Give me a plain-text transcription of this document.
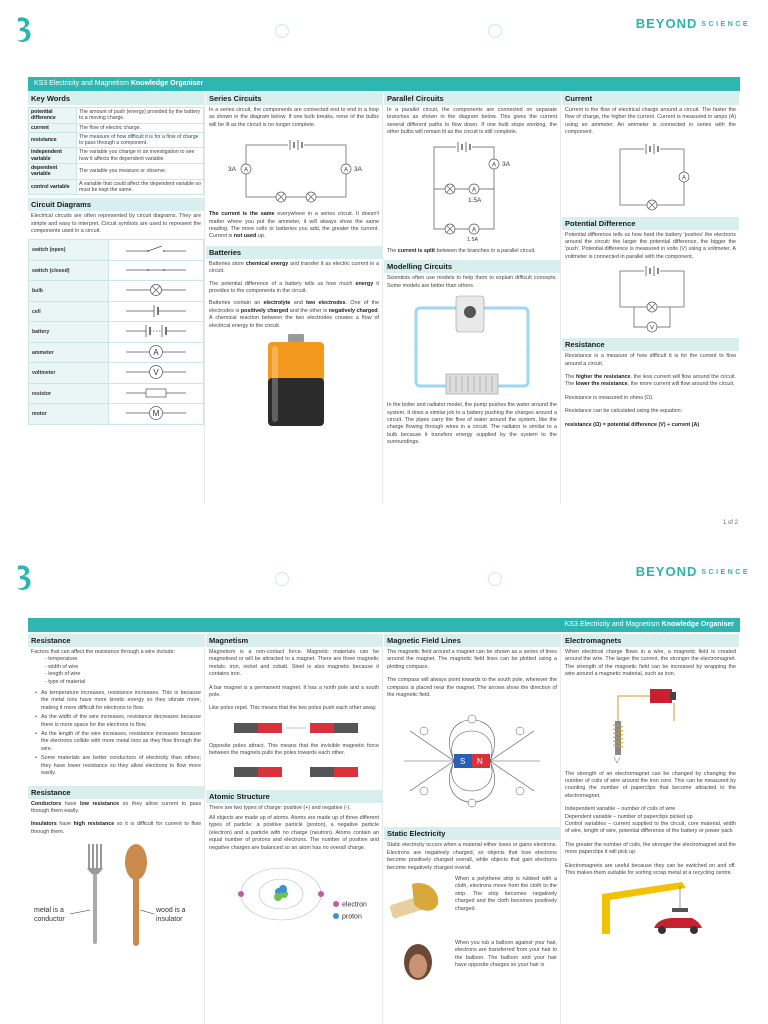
BEYOND SCIENCE
KS3 Electricity and Magnetism Knowledge Organiser
Key Words
potential difference	The amount of push (energy) provided by the battery to a moving charge.
current	The flow of electric charge.
resistance	The measure of how difficult it is for a flow of charge to pass through a component.
independent variable	The variable you change in an investigation to see how it affects the dependent variable.
dependent variable	The variable you measure or observe.
control variable	A variable that could affect the dependent variable so must be kept the same.
Circuit Diagrams
Electrical circuits are often represented by circuit diagrams. They are simple and easy to interpret. Circuit symbols are used to represent the components used in a circuit.
switch (open)	
switch (closed)	
bulb	
cell	
battery	
ammeter	A

voltmeter	V

resistor	
motor	M
Series Circuits
In a series circuit, the components are connected end to end in a loop as shown in the diagram below. If one bulb breaks, none of the bulbs will be lit as the circuit is no longer complete.
A	A
3A	3A
The current is the same everywhere in a series circuit. It doesn't matter where you put the ammeter, it will always show the same reading. The more cells or batteries you add, the greater the current. Current is not used up.
Batteries

Batteries store chemical energy and transfer it as electric current in a circuit.

The potential difference of a battery tells us how much energy it provides to the components in the circuit.

Batteries contain an electrolyte and two electrodes. One of the electrodes is positively charged and the other is negatively charged. A chemical reaction between the two electrodes creates a flow of electrical energy to the circuit.

Parallel Circuits
In a parallel circuit, the components are connected on separate branches as shown in the diagram below. This gives the current several different paths to flow down. If one bulb stops working, the other bulbs will remain lit as the circuit is still complete.
A 3A
A
1.5A
A
1.5A
The current is split between the branches in a parallel circuit.
Modelling Circuits
Scientists often use models to help them to explain difficult concepts. Some models are better than others.
In the boiler and radiator model, the pump pushes the water around the system. It does a similar job to a battery pushing the charges around a circuit. The pipes carry the flow of water around the system, like the charge flowing through wires in a circuit. The radiator is similar to a bulb because it transfers energy supplied by the system to the surroundings.
Current
Current is the flow of electrical charge around a circuit. The faster the flow of charge, the higher the current. Current is measured in amps (A) using an ammeter. An ammeter is connected in series with the component.
A
Potential Difference
Potential difference tells us how hard the battery 'pushes' the electrons around the circuit: the larger the potential difference, the bigger the 'push'. Potential difference is measured in volts (V) using a voltmeter. A voltmeter is connected in parallel with the component.
V
Resistance

Resistance is a measure of how difficult it is for the current to flow around a circuit.

The higher the resistance, the less current will flow around the circuit. The lower the resistance, the more current will flow around the circuit.

Resistance is measured in ohms (Ω).

Resistance can be calculated using the equation:

resistance (Ω) = potential difference (V) ÷ current (A)

1 of 2
BEYOND SCIENCE
KS3 Electricity and Magnetism Knowledge Organiser
Resistance

Factors that can affect the resistance through a wire include:

- temperature
- width of wire
- length of wire
- type of material
• As temperature increases, resistance increases. This is because the metal ions have more kinetic energy so they vibrate more, making it more difficult for electrons to flow.
• As the width of the wire increases, resistance decreases because there is more space for the electrons to flow.
• As the length of the wire increases, resistance increases because the electrons collide with more metal ions as they flow through the wire.
• Some materials are better conductors of electricity than others; they have lower resistance so they allow electrons to flow more easily.
Resistance

Conductors have low resistance so they allow current to pass through them easily.

Insulators have high resistance so it is difficult for current to flow through them.

metal is a
conductor
wood is a
insulator
Magnetism

Magnetism is a non-contact force. Magnetic materials can be magnetised or will be attracted to a magnet. There are three magnetic metals: iron, nickel and cobalt. Steel is also magnetic because it contains iron.

A bar magnet is a permanent magnet. It has a north pole and a south pole.

Like poles repel. This means that the two poles push each other away.

Opposite poles attract. This means that the invisible magnetic force between the magnets pulls the poles towards each other.
Atomic Structure

There are two types of charge: positive (+) and negative (-).

All objects are made up of atoms. Atoms are made up of three different types of particle: a positive particle (proton), a negative particle (electron) and a particle with no charge (neutron). Atoms contain an equal number of protons and electrons. The number of positive and negative charges are balanced so an atom has no overall charge.

electron
proton
Magnetic Field Lines

The magnetic field around a magnet can be shown as a series of lines around the magnet. The magnetic field lines can be plotted using a plotting compass.

The compass will always point towards to the south pole, wherever the compass is placed near the magnet. The arrows show the direction of the magnetic field.

S N
Static Electricity
Static electricity occurs when a material either loses or gains electrons. Electrons are negatively charged, so objects that lose electrons become positively charged overall, while objects that gain electrons become negatively charged overall.
When a polythene strip is rubbed with a cloth, electrons move from the cloth to the strip. The strip becomes negatively charged and the cloth becomes positively charged.
When you rub a balloon against your hair, electrons are transferred from your hair to the balloon. The balloon and your hair have opposite charges so your hair is
Electromagnets
When electrical charge flows in a wire, a magnetic field is created around the wire. The larger the current, the stronger the electromagnet. The strength of the magnetic field can be increased by wrapping the wire around a magnetic material, such as iron.

The strength of an electromagnet can be changed by changing the number of coils of wire around the iron core. This can be measured by counting the number of paperclips that become attracted to the electromagnet.

Independent variable – number of coils of wire

Dependent variable – number of paperclips picked up

Control variables – current supplied to the circuit, core material, width of wire, length of wire, potential difference of the battery or power pack

The greater the number of coils, the stronger the electromagnet and the more paperclips it will pick up.

Electromagnets are useful because they can be switched on and off. This makes them suitable for sorting scrap metal at a recycling centre.
